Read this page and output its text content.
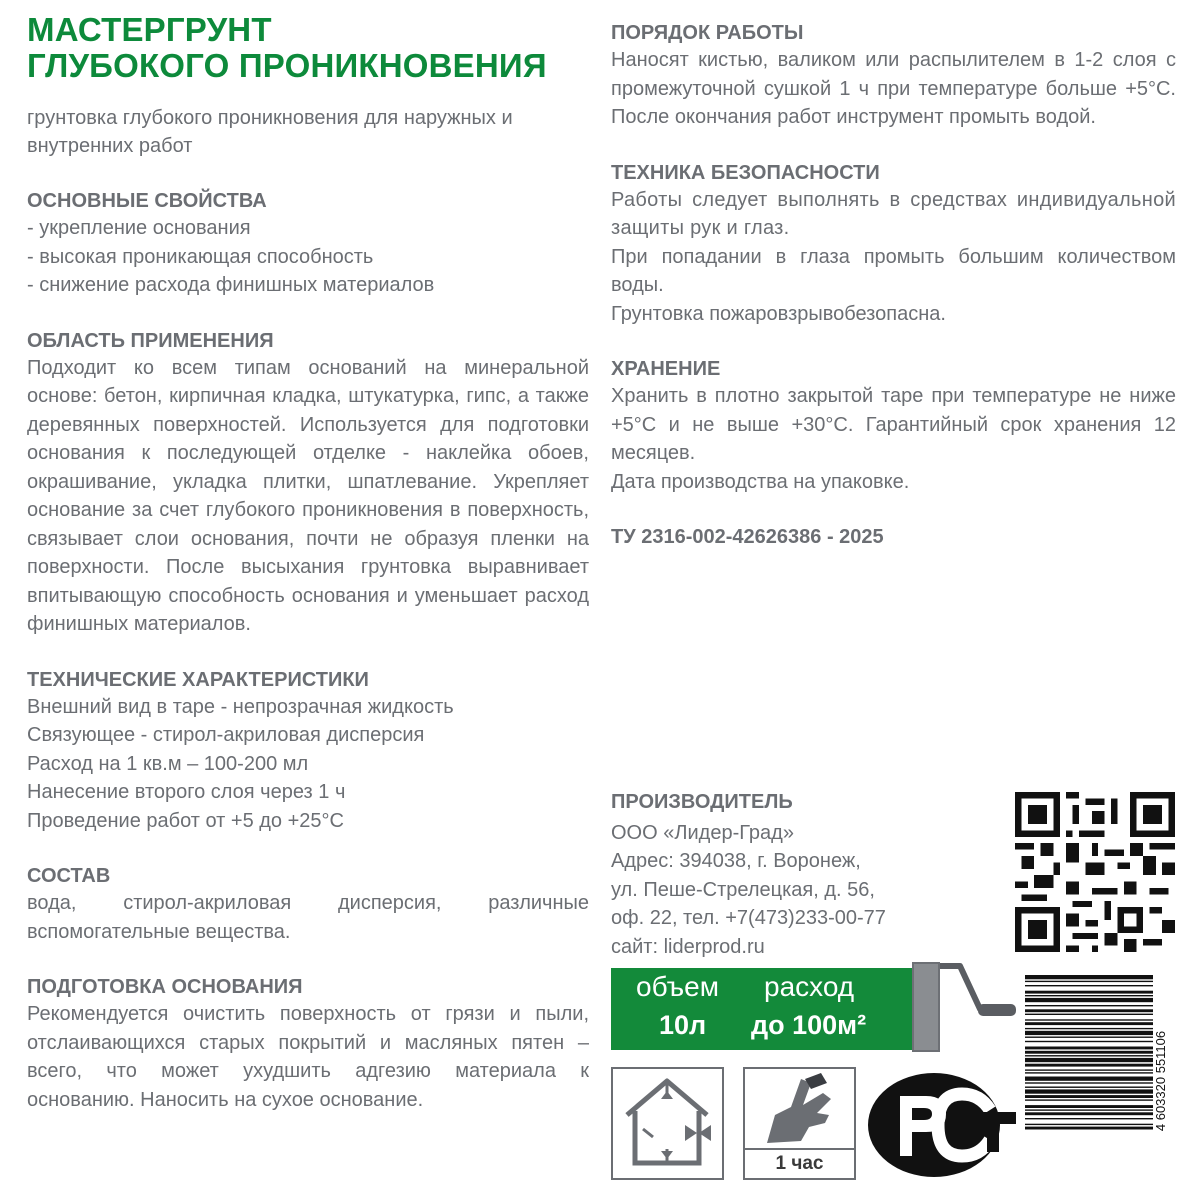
МАСТЕРГРУНТ
ГЛУБОКОГО ПРОНИКНОВЕНИЯ
грунтовка глубокого проникновения для наружных и внутренних работ
ОСНОВНЫЕ СВОЙСТВА
- укрепление основания
- высокая проникающая способность
- снижение расхода финишных материалов
ОБЛАСТЬ ПРИМЕНЕНИЯ
Подходит ко всем типам оснований на минеральной основе: бетон, кирпичная кладка, штукатурка, гипс, а также деревянных поверхностей. Используется для подготовки основания к последующей отделке - наклейка обоев, окрашивание, укладка плитки, шпатлевание. Укрепляет основание за счет глубокого проникновения в поверхность, связывает слои основания, почти не образуя пленки на поверхности. После высыхания грунтовка выравнивает впитывающую способность основания и уменьшает расход финишных материалов.
ТЕХНИЧЕСКИЕ ХАРАКТЕРИСТИКИ
Внешний вид в таре - непрозрачная жидкость
Связующее - стирол-акриловая дисперсия
Расход на 1 кв.м – 100-200 мл
Нанесение второго слоя через 1 ч
Проведение работ от +5 до +25°С
СОСТАВ
вода, стирол-акриловая дисперсия, различные вспомогательные вещества.
ПОДГОТОВКА ОСНОВАНИЯ
Рекомендуется очистить поверхность от грязи и пыли, отслаивающихся старых покрытий и масляных пятен – всего, что может ухудшить адгезию материала к основанию. Наносить на сухое основание.
ПОРЯДОК РАБОТЫ
Наносят кистью, валиком или распылителем в 1-2 слоя с промежуточной сушкой 1 ч при температуре больше +5°С. После окончания работ инструмент промыть водой.
ТЕХНИКА БЕЗОПАСНОСТИ
Работы следует выполнять в средствах индивидуальной защиты рук и глаз.
При попадании в глаза промыть большим количеством воды.
Грунтовка пожаровзрывобезопасна.
ХРАНЕНИЕ
Хранить в плотно закрытой таре при температуре не ниже +5°С и не выше +30°С. Гарантийный срок хранения 12 месяцев.
Дата производства на упаковке.
ТУ 2316-002-42626386 - 2025
ПРОИЗВОДИТЕЛЬ
ООО «Лидер-Град»
Адрес: 394038, г. Воронеж,
ул. Пеше-Стрелецкая, д. 56,
оф. 22, тел. +7(473)233-00-77
сайт: liderprod.ru
объем
10л
расход
до 100м²
4 603320 551106
1 час
